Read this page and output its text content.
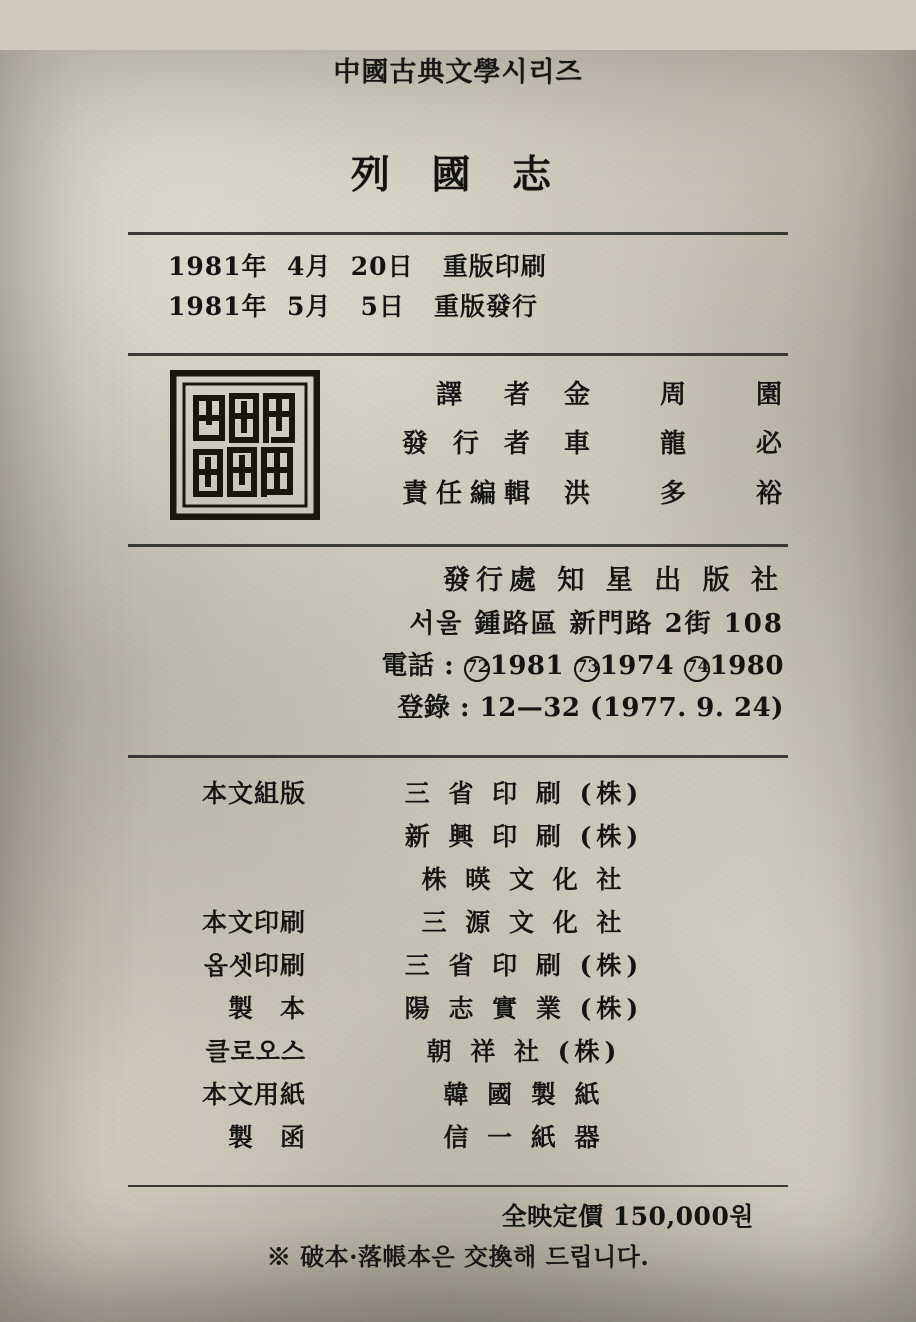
中國古典文學시리즈
列 國 志
1981年  4月  20日   重版印刷
1981年  5月   5日   重版發行
譯　者 金　周　園
發 行 者 車　龍　必
責任編輯 洪　多　裕
發行處 知 星 出 版 社
서울 鍾路區 新門路 2街 108
電話 : 721981 731974 741980
登錄 : 12—32 (1977. 9. 24)
本文組版	三 省 印 刷 (株)
新 興 印 刷 (株)
株 暎 文 化 社
本文印刷	三 源 文 化 社
옵셋印刷	三 省 印 刷 (株)
製　本	陽 志 實 業 (株)
클로오스	朝 祥 社 (株)
本文用紙	韓 國 製 紙
製　函	信 一 紙 器
全映定價 150,000원
※ 破本·落帳本은 交換해 드립니다.
